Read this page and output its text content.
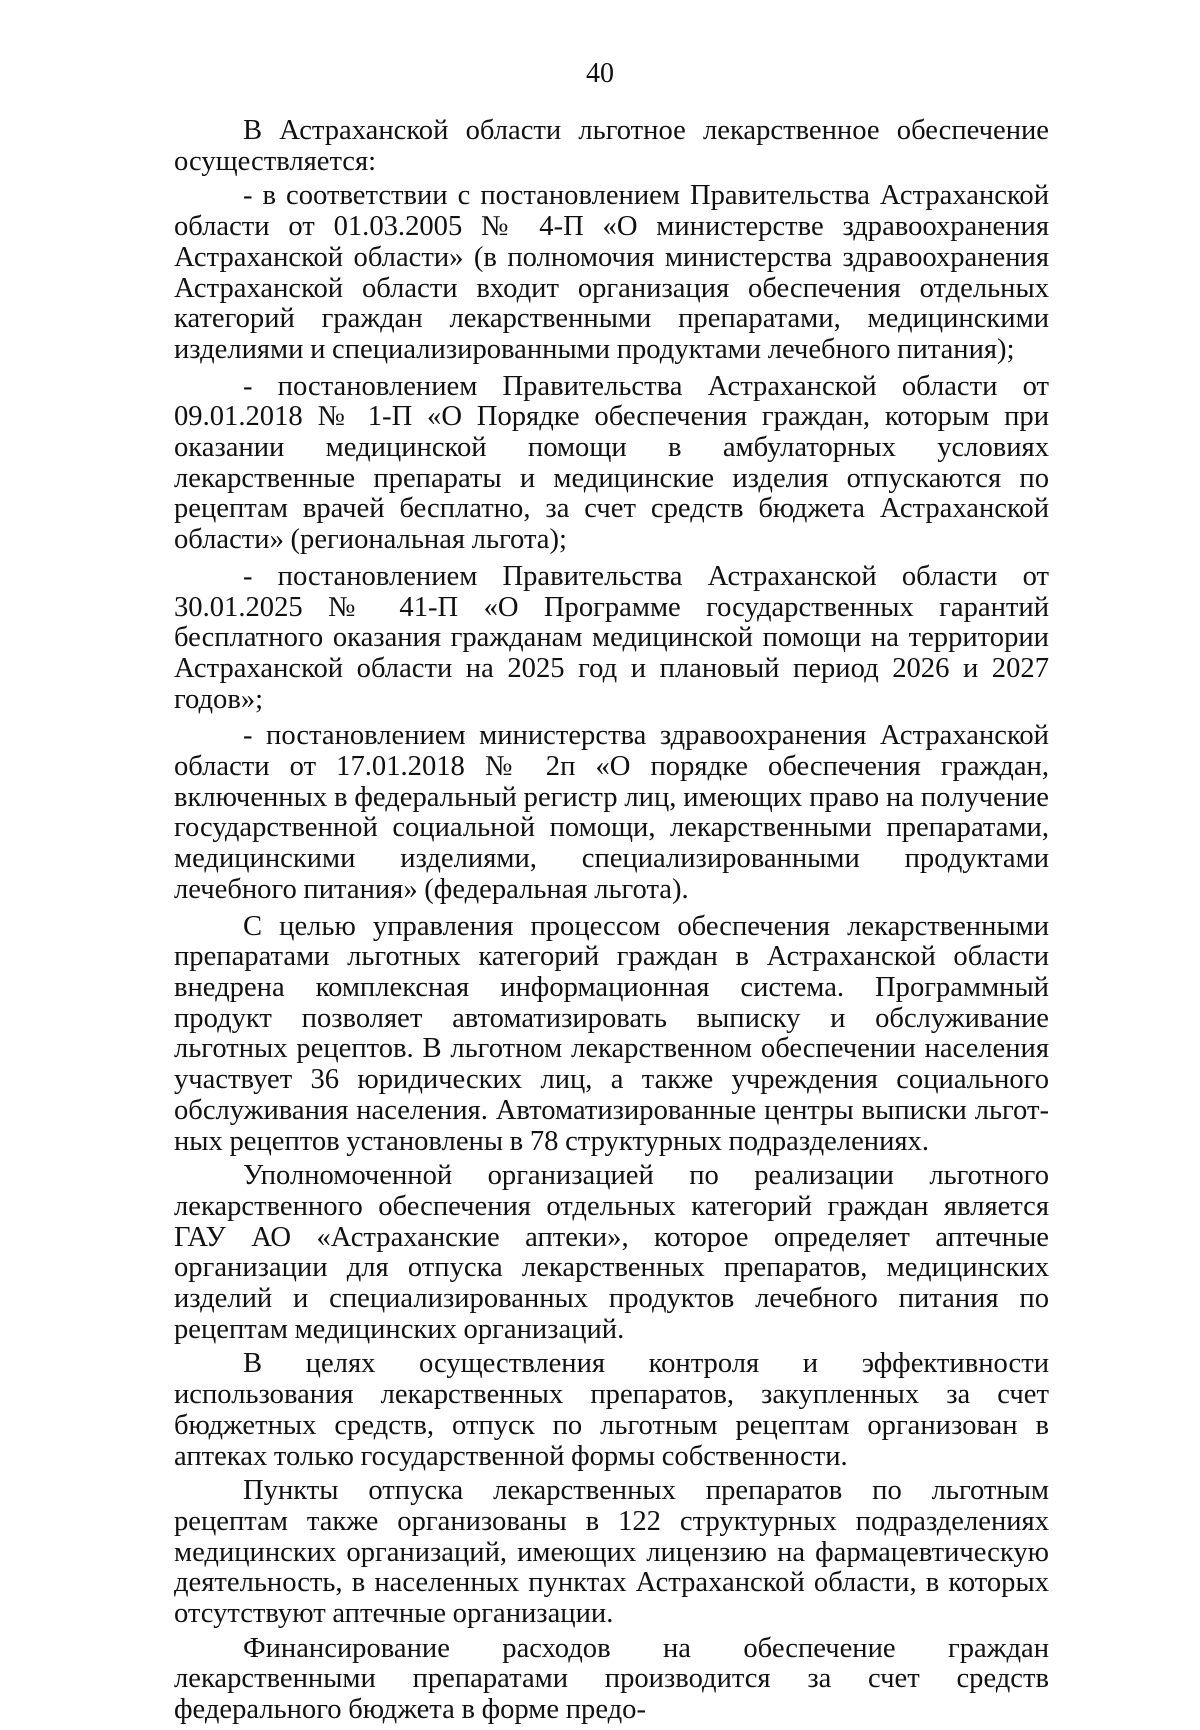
40

В Астраханской области льготное лекарственное обеспечение осуществляется:

- в соответствии с постановлением Правительства Астраханской области от 01.03.2005 № 4-П «О министерстве здравоохранения Астраханской области» (в полномочия министерства здравоохранения Астраханской области входит организация обеспечения отдельных категорий граждан лекарственными препаратами, медицинскими изделиями и специализированными продуктами лечебного питания);

- постановлением Правительства Астраханской области от 09.01.2018 № 1-П «О Порядке обеспечения граждан, которым при оказании медицинской помощи в амбулаторных условиях лекарственные препараты и медицинские изделия отпускаются по рецептам врачей бесплатно, за счет средств бюджета Астраханской области» (региональная льгота);

- постановлением Правительства Астраханской области от 30.01.2025 № 41-П «О Программе государственных гарантий бесплатного оказания гражданам медицинской помощи на территории Астраханской области на 2025 год и плановый период 2026 и 2027 годов»;

- постановлением министерства здравоохранения Астраханской области от 17.01.2018 № 2п «О порядке обеспечения граждан, включенных в федеральный регистр лиц, имеющих право на получение государственной социальной помощи, лекарственными препаратами, медицинскими изделиями, специализированными продуктами лечебного питания» (федеральная льгота).

С целью управления процессом обеспечения лекарственными препаратами льготных категорий граждан в Астраханской области внедрена комплексная информационная система. Программный продукт позволяет автоматизировать выписку и обслуживание льготных рецептов. В льготном лекарственном обеспечении населения участвует 36 юридических лиц, а также учреждения социального обслуживания населения. Автоматизированные центры выписки льготных рецептов установлены в 78 структурных подразделениях.

Уполномоченной организацией по реализации льготного лекарственного обеспечения отдельных категорий граждан является ГАУ АО «Астраханские аптеки», которое определяет аптечные организации для отпуска лекарственных препаратов, медицинских изделий и специализированных продуктов лечебного питания по рецептам медицинских организаций.

В целях осуществления контроля и эффективности использования лекарственных препаратов, закупленных за счет бюджетных средств, отпуск по льготным рецептам организован в аптеках только государственной формы собственности.

Пункты отпуска лекарственных препаратов по льготным рецептам также организованы в 122 структурных подразделениях медицинских организаций, имеющих лицензию на фармацевтическую деятельность, в населенных пунктах Астраханской области, в которых отсутствуют аптечные организации.

Финансирование расходов на обеспечение граждан лекарственными препаратами производится за счет средств федерального бюджета в форме предо-
